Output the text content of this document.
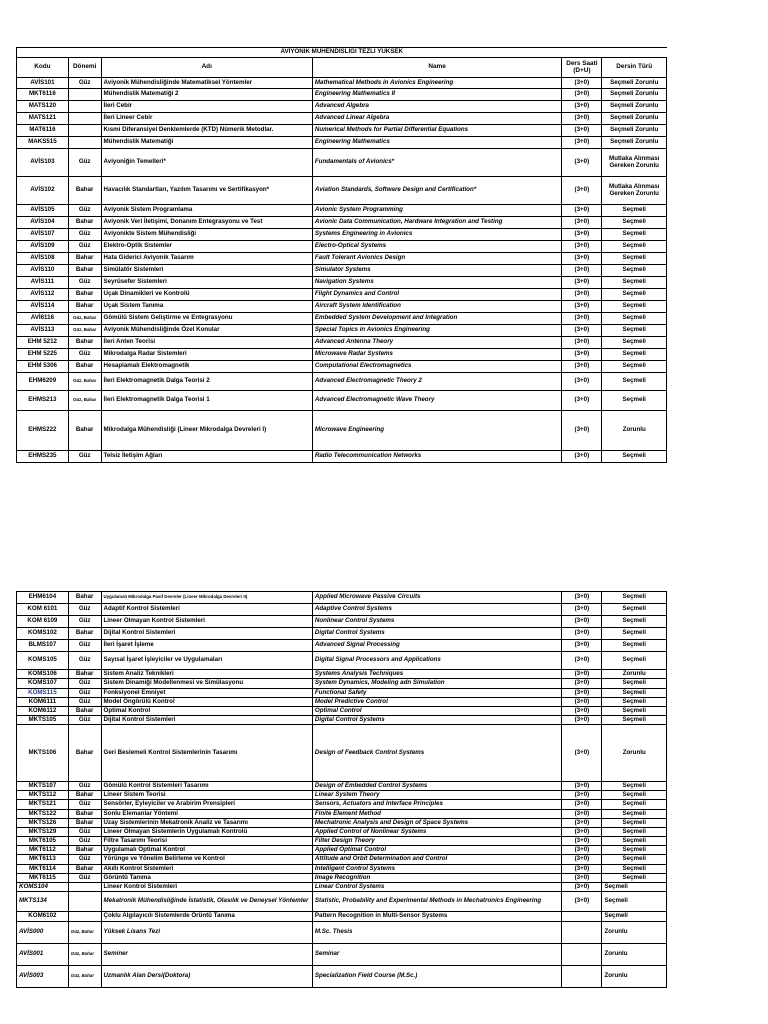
AVIYONIK MUHENDISLIĞI TEZLI YUKSEK					
Kodu	Dönemi	Adı	Name	Ders Saati (D+U)	Dersin Türü
AVİS101	Güz	Aviyonik Mühendisliğinde Matematiksel Yöntemler	Mathematical Methods in Avionics Engineering	(3+0)	Seçmeli Zorunlu
MKT6116		Mühendislik Matematiği 2	Engineering Mathematics II	(3+0)	Seçmeli Zorunlu
MATS120		İleri Cebir	Advanced Algebra	(3+0)	Seçmeli Zorunlu
MATS121		İleri Lineer Cebir	Advanced Linear Algebra	(3+0)	Seçmeli Zorunlu
MAT6116		Kısmi Diferansiyel Denklemlerde (KTD) Nümerik Metodlar.	Numerical Methods for Partial Differential Equations	(3+0)	Seçmeli Zorunlu
MAKS515		Mühendislik Matematiği	Engineering Mathematics	(3+0)	Seçmeli Zorunlu
AVİS103	Güz	Aviyoniğin Temelleri*	Fundamentals of Avionics*	(3+0)	Mutlaka Alınması Gereken Zorunlu
AVİS102	Bahar	Havacılık Standartları, Yazılım Tasarımı ve Sertifikasyon*	Aviation Standards, Software Design and Certification*	(3+0)	Mutlaka Alınması Gereken Zorunlu
AVİS105	Güz	Aviyonik Sistem Programlama	Avionic System Programming	(3+0)	Seçmeli
AVİS104	Bahar	Aviyonik Veri İletişimi, Donanım Entegrasyonu ve Test	Avionic Data Communication, Hardware Integration and Testing	(3+0)	Seçmeli
AVİS107	Güz	Aviyonikte Sistem Mühendisliği	Systems Engineering in Avionics	(3+0)	Seçmeli
AVİS109	Güz	Elektro-Optik Sistemler	Electro-Optical Systems	(3+0)	Seçmeli
AVİS108	Bahar	Hata Giderici Aviyonik Tasarım	Fault Tolerant Avionics Design	(3+0)	Seçmeli
AVİS110	Bahar	Simülatör Sistemleri	Simulator Systems	(3+0)	Seçmeli
AVİS111	Güz	Seyrüsefer Sistemleri	Navigation Systems	(3+0)	Seçmeli
AVİS112	Bahar	Uçak Dinamikleri ve Kontrolü	Flight Dynamics and Control	(3+0)	Seçmeli
AVİS114	Bahar	Uçak Sistem Tanıma	Aircraft System Identification	(3+0)	Seçmeli
AVİ6116	Güz, Bahar	Gömülü Sistem Geliştirme ve Entegrasyonu	Embedded System Development and Integration	(3+0)	Seçmeli
AVİS113	Güz, Bahar	Aviyonik Mühendisliğinde Özel Konular	Special Topics in Avionics Engineering	(3+0)	Seçmeli
EHM 5212	Bahar	İleri Anten Teorisi	Advanced Antenna Theory	(3+0)	Seçmeli
EHM 5225	Güz	Mikrodalga Radar Sistemleri	Microwave Radar Systems	(3+0)	Seçmeli
EHM 5306	Bahar	Hesaplamalı Elektromagnetik	Computational Electromagnetics	(3+0)	Seçmeli
EHM6209	Güz, Bahar	İleri Elektromagnetik Dalga Teorisi 2	Advanced Electromagnetic Theory 2	(3+0)	Seçmeli
EHMS213	Güz, Bahar	İleri Elektromagnetik Dalga Teorisi 1	Advanced Electromagnetic Wave Theory	(3+0)	Seçmeli
EHMS222	Bahar	Mikrodalga Mühendisliği (Lineer Mikrodalga Devreleri I)	Microwave Engineering	(3+0)	Zorunlu
EHMS235	Güz	Telsiz İletişim Ağları	Radio Telecommunication Networks	(3+0)	Seçmeli
EHM6104	Bahar	Uygulamalı Mikrodalga Pasif Devreler (Lineer Mikrodalga Devreleri II)	Applied Microwave Passive Circuits	(3+0)	Seçmeli
KOM 6101	Güz	Adaptif Kontrol Sistemleri	Adaptive Control Systems	(3+0)	Seçmeli
KOM 6109	Güz	Lineer Olmayan Kontrol Sistemleri	Nonlinear Control Systems	(3+0)	Seçmeli
KOMS102	Bahar	Dijital Kontrol Sistemleri	Digital Control Systems	(3+0)	Seçmeli
BLMS107	Güz	İleri İşaret İşleme	Advanced Signal Processing	(3+0)	Seçmeli
KOMS105	Güz	Sayısal İşaret İşleyiciler ve Uygulamaları	Digital Signal Processors and Applications	(3+0)	Seçmeli
KOMS106	Bahar	Sistem Analiz Teknikleri	Systems Analysis Techniques	(3+0)	Zorunlu
KOMS107	Güz	Sistem Dinamiği Modellenmesi ve Simülasyonu	System Dynamics, Modeling adn Simulation	(3+0)	Seçmeli
KOMS115	Güz	Fonksiyonel Emniyet	Functional Safety	(3+0)	Seçmeli
KOM6111	Güz	Model Öngörülü Kontrol	Model Predictive Control	(3+0)	Seçmeli
KOM6112	Bahar	Optimal Kontrol	Optimal Control	(3+0)	Seçmeli
MKTS105	Güz	Dijital Kontrol Sistemleri	Digital Control Systems	(3+0)	Seçmeli
MKTS106	Bahar	Geri Beslemeli Kontrol Sistemlerinin Tasarımı	Design of Feedback Control Systems	(3+0)	Zorunlu
MKTS107	Güz	Gömülü Kontrol Sistemleri Tasarımı	Design of Embedded Control Systems	(3+0)	Seçmeli
MKTS112	Bahar	Lineer Sistem Teorisi	Linear System Theory	(3+0)	Seçmeli
MKTS121	Güz	Sensörler, Eyleyiciler ve Arabirim Prensipleri	Sensors, Actuators and Interface Principles	(3+0)	Seçmeli
MKTS122	Bahar	Sonlu Elemanlar Yöntemi	Finite Element Method	(3+0)	Seçmeli
MKTS126	Bahar	Uzay Sistemlerinin Mekatronik Analiz ve Tasarımı	Mechatronic Analysis and Design of Space Systems	(3+0)	Seçmeli
MKTS129	Güz	Lineer Olmayan Sistemlerin Uygulamalı Kontrolü	Applied Control of Nonlinear Systems	(3+0)	Seçmeli
MKT6105	Güz	Filtre Tasarımı Teorisi	Filter Design Theory	(3+0)	Seçmeli
MKT6112	Bahar	Uygulamalı Optimal Kontrol	Applied Optimal Control	(3+0)	Seçmeli
MKT6113	Güz	Yörünge ve Yönelim Belirleme ve Kontrol	Attitude and Orbit Determination and Control	(3+0)	Seçmeli
MKT6114	Bahar	Akıllı Kontrol Sistemleri	Intelligent Control Systems	(3+0)	Seçmeli
MKT6115	Güz	Görüntü Tanıma	Image Recognition	(3+0)	Seçmeli
KOMS104		Lineer Kontrol Sistemleri	Linear Control Systems	(3+0)	Seçmeli
MKTS134		Mekatronik Mühendisliğinde İstatistik, Olasılık ve Deneysel Yöntemler	Statistic, Probability and Experimental Methods in Mechatronics Engineering	(3+0)	Seçmeli
KOM6102		Çoklu Algılayıcılı Sistemlerde Örüntü Tanıma	Pattern Recognition in Multi-Sensor Systems		Seçmeli
AVİS000	Güz, Bahar	Yüksek Lisans Tezi	M.Sc. Thesis		Zorunlu
AVİS001	Güz, Bahar	Seminer	Seminar		Zorunlu
AVİS003	Güz, Bahar	Uzmanlık Alan Dersi(Doktora)	Specialization Field Course (M.Sc.)		Zorunlu
